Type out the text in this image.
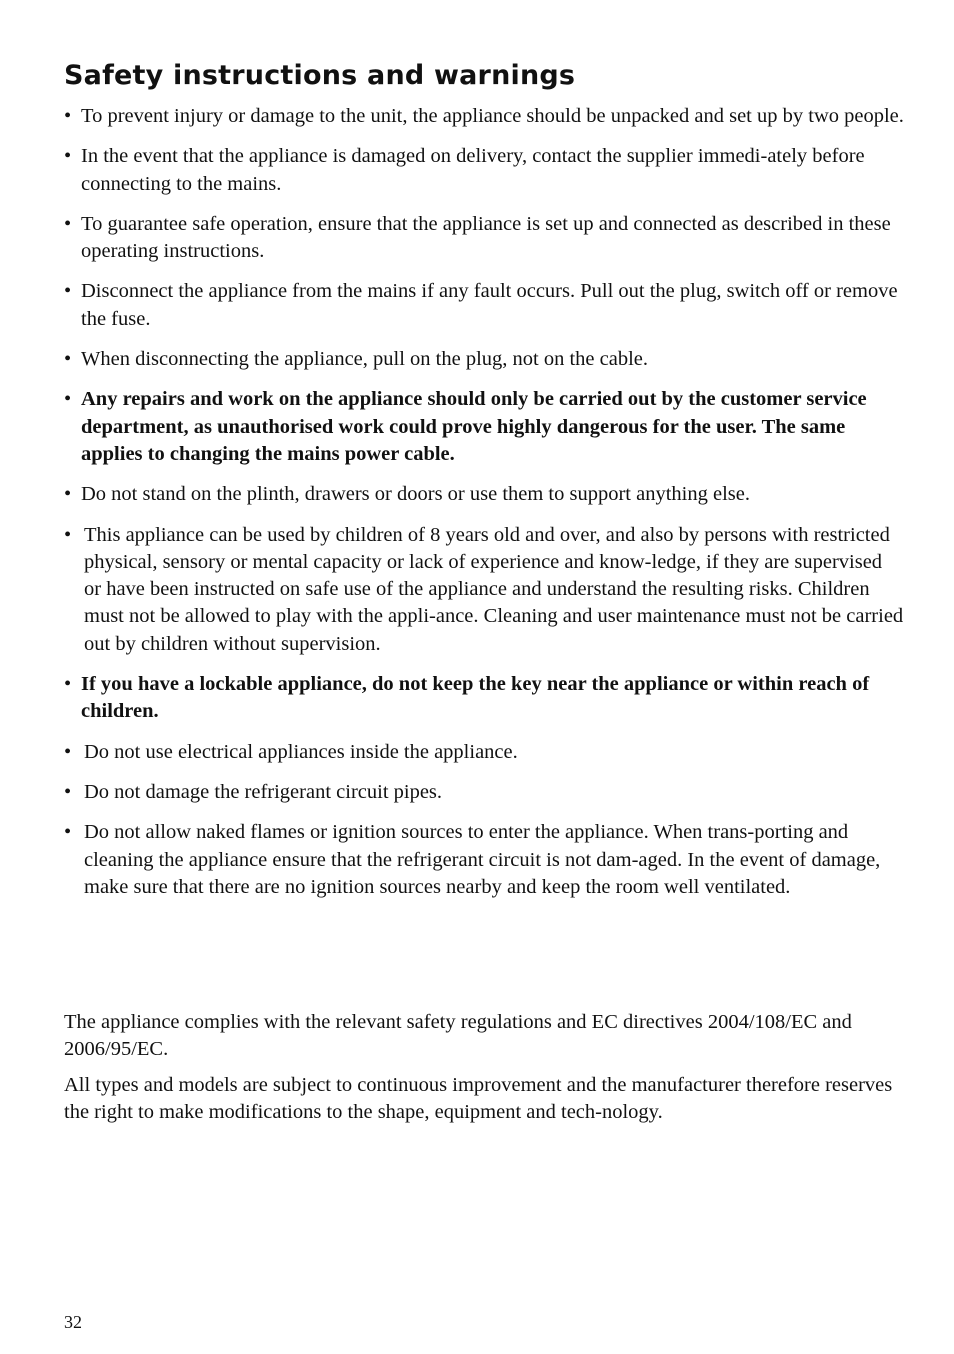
Safety instructions and warnings
• To prevent injury or damage to the unit, the appliance should be unpacked and set up by two people.
• In the event that the appliance is damaged on delivery, contact the supplier immedi-ately before connecting to the mains.
• To guarantee safe operation, ensure that the appliance is set up and connected as described in these operating instructions.
• Disconnect the appliance from the mains if any fault occurs. Pull out the plug, switch off or remove the fuse.
• When disconnecting the appliance, pull on the plug, not on the cable.
• Any repairs and work on the appliance should only be carried out by the customer service department, as unauthorised work could prove highly dangerous for the user. The same applies to changing the mains power cable.
• Do not stand on the plinth, drawers or doors or use them to support anything else.
• This appliance can be used by children of 8 years old and over, and also by persons with restricted physical, sensory or mental capacity or lack of experience and know-ledge, if they are supervised or have been instructed on safe use of the appliance and understand the resulting risks. Children must not be allowed to play with the appli-ance. Cleaning and user maintenance must not be carried out by children without supervision.
• If you have a lockable appliance, do not keep the key near the appliance or within reach of children.
• Do not use electrical appliances inside the appliance.
• Do not damage the refrigerant circuit pipes.
• Do not allow naked flames or ignition sources to enter the appliance. When trans-porting and cleaning the appliance ensure that the refrigerant circuit is not dam-aged. In the event of damage, make sure that there are no ignition sources nearby and keep the room well ventilated.

The appliance complies with the relevant safety regulations and EC directives 2004/108/EC and 2006/95/EC.

All types and models are subject to continuous improvement and the manufacturer therefore reserves the right to make modifications to the shape, equipment and tech-nology.

32
